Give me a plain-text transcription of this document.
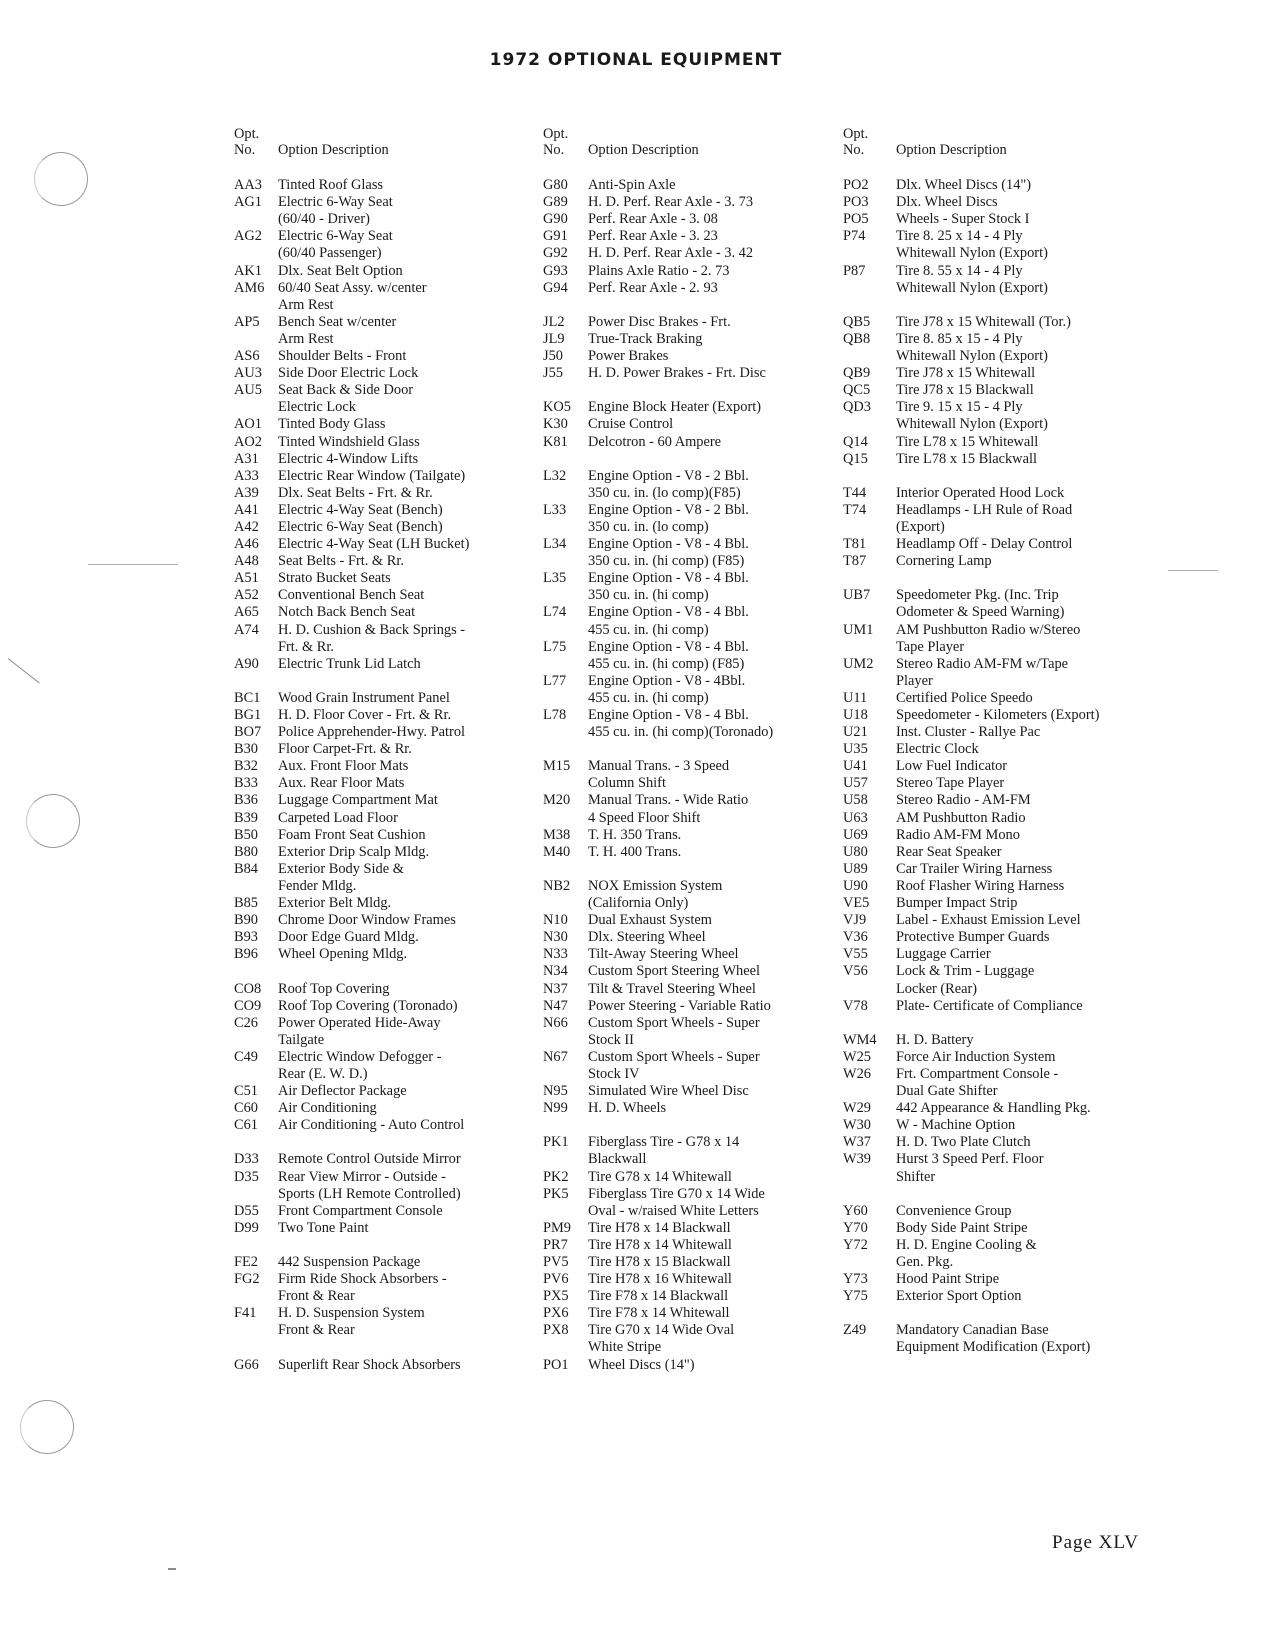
1972 OPTIONAL EQUIPMENT
Opt.
No.	Option Description
AA3	Tinted Roof Glass
AG1	Electric 6-Way Seat
(60/40 - Driver)
AG2	Electric 6-Way Seat
(60/40 Passenger)
AK1	Dlx. Seat Belt Option
AM6 60/40 Seat Assy. w/center
Arm Rest
AP5	Bench Seat w/center
Arm Rest
AS6	Shoulder Belts - Front
AU3	Side Door Electric Lock
AU5	Seat Back & Side Door
Electric Lock
AO1	Tinted Body Glass
AO2	Tinted Windshield Glass
A31	Electric 4-Window Lifts
A33	Electric Rear Window (Tailgate)
A39	Dlx. Seat Belts - Frt. & Rr.
A41	Electric 4-Way Seat (Bench)
A42	Electric 6-Way Seat (Bench)
A46	Electric 4-Way Seat (LH Bucket)
A48	Seat Belts - Frt. & Rr.
A51	Strato Bucket Seats
A52	Conventional Bench Seat
A65	Notch Back Bench Seat
A74	H. D. Cushion & Back Springs -
Frt. & Rr.
A90	Electric Trunk Lid Latch
BC1	Wood Grain Instrument Panel
BG1	H. D. Floor Cover - Frt. & Rr.
BO7	Police Apprehender-Hwy. Patrol
B30	Floor Carpet-Frt. & Rr.
B32	Aux. Front Floor Mats
B33	Aux. Rear Floor Mats
B36	Luggage Compartment Mat
B39	Carpeted Load Floor
B50	Foam Front Seat Cushion
B80	Exterior Drip Scalp Mldg.
B84	Exterior Body Side &
Fender Mldg.
B85	Exterior Belt Mldg.
B90	Chrome Door Window Frames
B93	Door Edge Guard Mldg.
B96	Wheel Opening Mldg.
CO8	Roof Top Covering
CO9	Roof Top Covering (Toronado)
C26	Power Operated Hide-Away
Tailgate
C49	Electric Window Defogger -
Rear (E. W. D.)
C51	Air Deflector Package
C60	Air Conditioning
C61	Air Conditioning - Auto Control
D33	Remote Control Outside Mirror
D35	Rear View Mirror - Outside -
Sports (LH Remote Controlled)
D55	Front Compartment Console
D99	Two Tone Paint
FE2	442 Suspension Package
FG2	Firm Ride Shock Absorbers -
Front & Rear
F41	H. D. Suspension System
Front & Rear
G66	Superlift Rear Shock Absorbers
Opt.
No.	Option Description
G80	Anti-Spin Axle
G89	H. D. Perf. Rear Axle - 3. 73
G90	Perf. Rear Axle - 3. 08
G91	Perf. Rear Axle - 3. 23
G92	H. D. Perf. Rear Axle - 3. 42
G93	Plains Axle Ratio - 2. 73
G94	Perf. Rear Axle - 2. 93
JL2	Power Disc Brakes - Frt.
JL9	True-Track Braking
J50	Power Brakes
J55	H. D. Power Brakes - Frt. Disc
KO5	Engine Block Heater (Export)
K30	Cruise Control
K81	Delcotron - 60 Ampere
L32	Engine Option - V8 - 2 Bbl.
350 cu. in. (lo comp)(F85)
L33	Engine Option - V8 - 2 Bbl.
350 cu. in. (lo comp)
L34	Engine Option - V8 - 4 Bbl.
350 cu. in. (hi comp) (F85)
L35	Engine Option - V8 - 4 Bbl.
350 cu. in. (hi comp)
L74	Engine Option - V8 - 4 Bbl.
455 cu. in. (hi comp)
L75	Engine Option - V8 - 4 Bbl.
455 cu. in. (hi comp) (F85)
L77	Engine Option - V8 - 4Bbl.
455 cu. in. (hi comp)
L78	Engine Option - V8 - 4 Bbl.
455 cu. in. (hi comp)(Toronado)
M15	Manual Trans. - 3 Speed
Column Shift
M20	Manual Trans. - Wide Ratio
4 Speed Floor Shift
M38	T. H. 350 Trans.
M40	T. H. 400 Trans.
NB2	NOX Emission System
(California Only)
N10	Dual Exhaust System
N30	Dlx. Steering Wheel
N33	Tilt-Away Steering Wheel
N34	Custom Sport Steering Wheel
N37	Tilt & Travel Steering Wheel
N47	Power Steering - Variable Ratio
N66	Custom Sport Wheels - Super
Stock II
N67	Custom Sport Wheels - Super
Stock IV
N95	Simulated Wire Wheel Disc
N99	H. D. Wheels
PK1	Fiberglass Tire - G78 x 14
Blackwall
PK2	Tire G78 x 14 Whitewall
PK5	Fiberglass Tire G70 x 14 Wide
Oval - w/raised White Letters
PM9	Tire H78 x 14 Blackwall
PR7	Tire H78 x 14 Whitewall
PV5	Tire H78 x 15 Blackwall
PV6	Tire H78 x 16 Whitewall
PX5	Tire F78 x 14 Blackwall
PX6	Tire F78 x 14 Whitewall
PX8	Tire G70 x 14 Wide Oval
White Stripe
PO1	Wheel Discs (14")
Opt.
No.	Option Description
PO2	Dlx. Wheel Discs (14")
PO3	Dlx. Wheel Discs
PO5	Wheels - Super Stock I
P74	Tire 8. 25 x 14 - 4 Ply
Whitewall Nylon (Export)
P87	Tire 8. 55 x 14 - 4 Ply
Whitewall Nylon (Export)
QB5	Tire J78 x 15 Whitewall (Tor.)
QB8	Tire 8. 85 x 15 - 4 Ply
Whitewall Nylon (Export)
QB9	Tire J78 x 15 Whitewall
QC5	Tire J78 x 15 Blackwall
QD3	Tire 9. 15 x 15 - 4 Ply
Whitewall Nylon (Export)
Q14	Tire L78 x 15 Whitewall
Q15	Tire L78 x 15 Blackwall
T44	Interior Operated Hood Lock
T74	Headlamps - LH Rule of Road
(Export)
T81	Headlamp Off - Delay Control
T87	Cornering Lamp
UB7	Speedometer Pkg. (Inc. Trip
Odometer & Speed Warning)
UM1	AM Pushbutton Radio w/Stereo
Tape Player
UM2	Stereo Radio AM-FM w/Tape
Player
U11	Certified Police Speedo
U18	Speedometer - Kilometers (Export)
U21	Inst. Cluster - Rallye Pac
U35	Electric Clock
U41	Low Fuel Indicator
U57	Stereo Tape Player
U58	Stereo Radio - AM-FM
U63	AM Pushbutton Radio
U69	Radio AM-FM Mono
U80	Rear Seat Speaker
U89	Car Trailer Wiring Harness
U90	Roof Flasher Wiring Harness
VE5	Bumper Impact Strip
VJ9	Label - Exhaust Emission Level
V36	Protective Bumper Guards
V55	Luggage Carrier
V56	Lock & Trim - Luggage
Locker (Rear)
V78	Plate- Certificate of Compliance
WM4	H. D. Battery
W25	Force Air Induction System
W26	Frt. Compartment Console -
Dual Gate Shifter
W29	442 Appearance & Handling Pkg.
W30	W - Machine Option
W37	H. D. Two Plate Clutch
W39	Hurst 3 Speed Perf. Floor
Shifter
Y60	Convenience Group
Y70	Body Side Paint Stripe
Y72	H. D. Engine Cooling &
Gen. Pkg.
Y73	Hood Paint Stripe
Y75	Exterior Sport Option
Z49	Mandatory Canadian Base
Equipment Modification (Export)
Page XLV
